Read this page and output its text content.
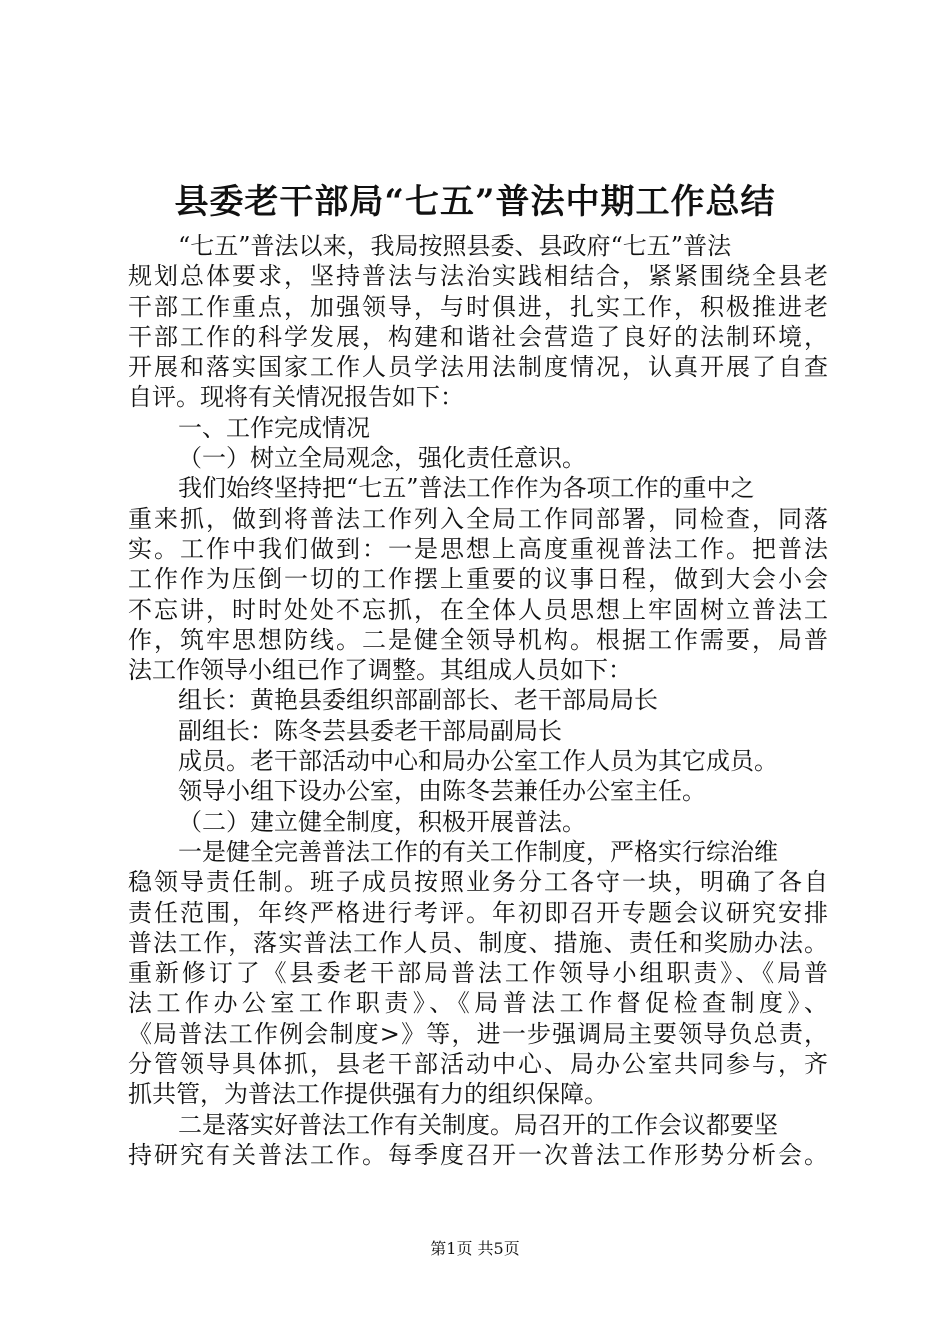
县委老干部局“七五”普法中期工作总结
“七五”普法以来，我局按照县委、县政府“七五”普法
规划总体要求，坚持普法与法治实践相结合，紧紧围绕全县老
干部工作重点，加强领导，与时俱进，扎实工作，积极推进老
干部工作的科学发展，构建和谐社会营造了良好的法制环境，
开展和落实国家工作人员学法用法制度情况，认真开展了自查
自评。现将有关情况报告如下：
一、工作完成情况
（一）树立全局观念，强化责任意识。
我们始终坚持把“七五”普法工作作为各项工作的重中之
重来抓，做到将普法工作列入全局工作同部署，同检查，同落
实。工作中我们做到：一是思想上高度重视普法工作。把普法
工作作为压倒一切的工作摆上重要的议事日程，做到大会小会
不忘讲，时时处处不忘抓，在全体人员思想上牢固树立普法工
作，筑牢思想防线。二是健全领导机构。根据工作需要，局普
法工作领导小组已作了调整。其组成人员如下：
组长：黄艳县委组织部副部长、老干部局局长
副组长：陈冬芸县委老干部局副局长
成员。老干部活动中心和局办公室工作人员为其它成员。
领导小组下设办公室，由陈冬芸兼任办公室主任。
（二）建立健全制度，积极开展普法。
一是健全完善普法工作的有关工作制度，严格实行综治维
稳领导责任制。班子成员按照业务分工各守一块，明确了各自
责任范围，年终严格进行考评。年初即召开专题会议研究安排
普法工作，落实普法工作人员、制度、措施、责任和奖励办法。
重新修订了《县委老干部局普法工作领导小组职责》、《局普
法工作办公室工作职责》、《局普法工作督促检查制度》、
《局普法工作例会制度>》等，进一步强调局主要领导负总责，
分管领导具体抓，县老干部活动中心、局办公室共同参与，齐
抓共管，为普法工作提供强有力的组织保障。
二是落实好普法工作有关制度。局召开的工作会议都要坚
持研究有关普法工作。每季度召开一次普法工作形势分析会。
第1页 共5页
